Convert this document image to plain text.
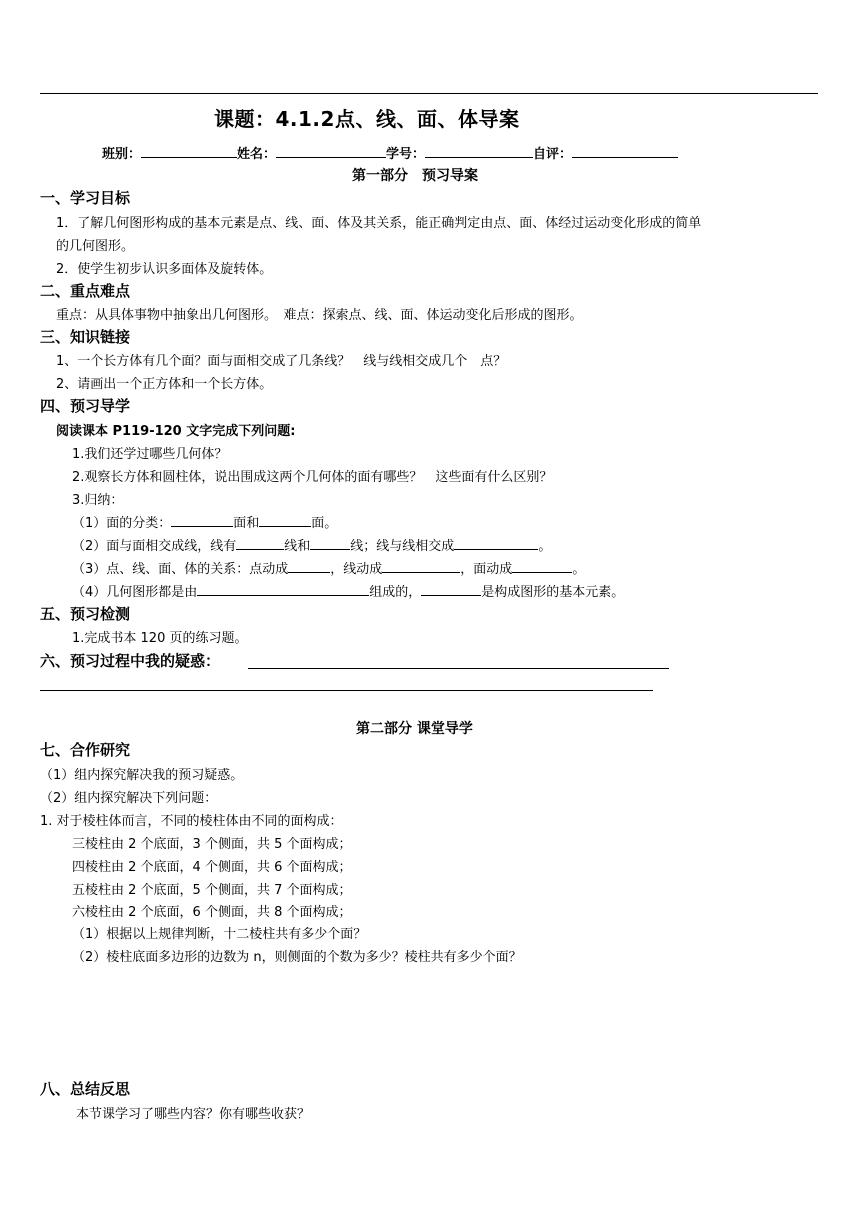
课题：4.1.2点、线、面、体导案
班别：	姓名：	学号：	自评：
第一部分　预习导案
一、学习目标
1．了解几何图形构成的基本元素是点、线、面、体及其关系，能正确判定由点、面、体经过运动变化形成的简单
的几何图形。
2．使学生初步认识多面体及旋转体。
二、重点难点
重点：从具体事物中抽象出几何图形。　难点：探索点、线、面、体运动变化后形成的图形。
三、知识链接
1、一个长方体有几个面？面与面相交成了几条线？　线与线相交成几个　点？
2、请画出一个正方体和一个长方体。
四、预习导学
阅读课本 P119-120 文字完成下列问题:
1.我们还学过哪些几何体？
2.观察长方体和圆柱体，说出围成这两个几何体的面有哪些？　这些面有什么区别？
3.归纳：
（1）面的分类：	面和	面。
（2）面与面相交成线，线有	线和	线；线与线相交成	。
（3）点、线、面、体的关系：点动成	，线动成	，面动成	。
（4）几何图形都是由	组成的，	是构成图形的基本元素。
五、预习检测
1.完成书本 120 页的练习题。
六、预习过程中我的疑惑：
第二部分 课堂导学
七、合作研究
（1）组内探究解决我的预习疑惑。
（2）组内探究解决下列问题：
1. 对于棱柱体而言，不同的棱柱体由不同的面构成：
三棱柱由 2 个底面，3 个侧面，共 5 个面构成；
四棱柱由 2 个底面，4 个侧面，共 6 个面构成；
五棱柱由 2 个底面，5 个侧面，共 7 个面构成；
六棱柱由 2 个底面，6 个侧面，共 8 个面构成；
（1）根据以上规律判断，十二棱柱共有多少个面？
（2）棱柱底面多边形的边数为 n，则侧面的个数为多少？棱柱共有多少个面？
八、总结反思
本节课学习了哪些内容？你有哪些收获？
